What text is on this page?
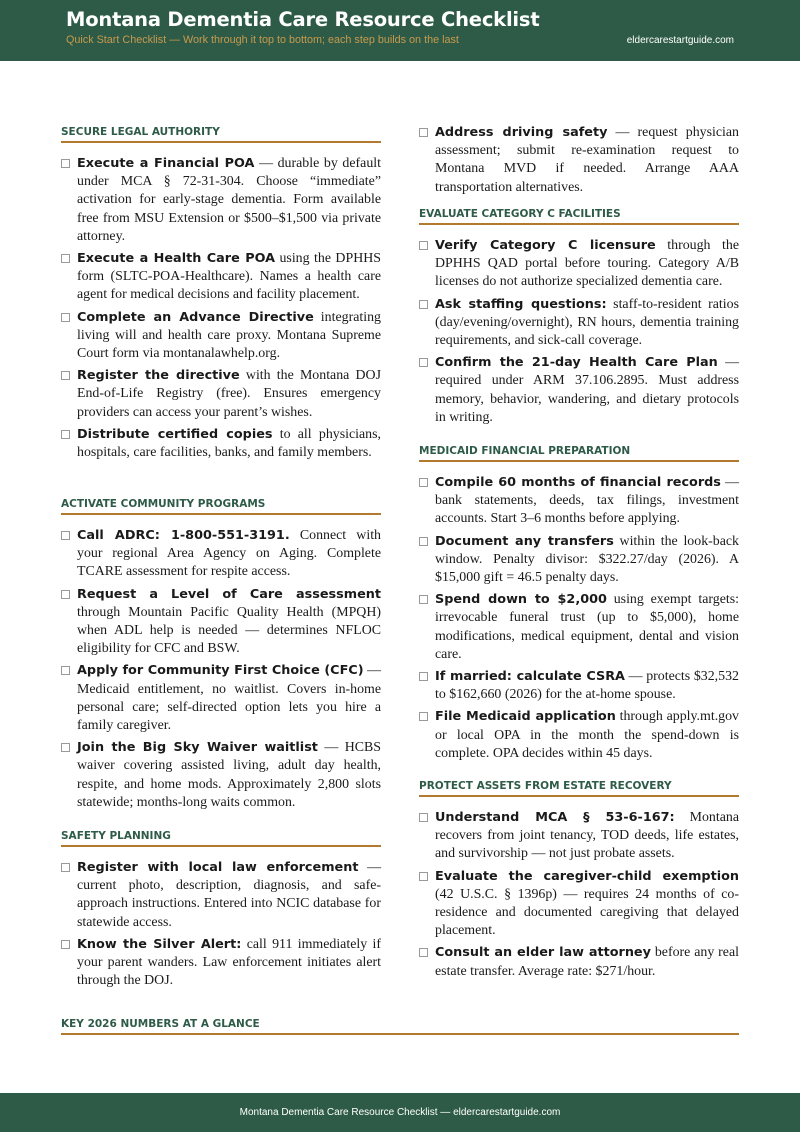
Montana Dementia Care Resource Checklist
Quick Start Checklist — Work through it top to bottom; each step builds on the last	eldercarestartguide.com
SECURE LEGAL AUTHORITY
Execute a Financial POA — durable by default under MCA § 72-31-304. Choose “immediate” activation for early-stage dementia. Form available free from MSU Extension or $500–$1,500 via private attorney.
Execute a Health Care POA using the DPHHS form (SLTC-POA-Healthcare). Names a health care agent for medical decisions and facility placement.
Complete an Advance Directive integrating living will and health care proxy. Montana Supreme Court form via montanalawhelp.org.
Register the directive with the Montana DOJ End-of-Life Registry (free). Ensures emergency providers can access your parent’s wishes.
Distribute certified copies to all physicians, hospitals, care facilities, banks, and family members.
ACTIVATE COMMUNITY PROGRAMS
Call ADRC: 1-800-551-3191. Connect with your regional Area Agency on Aging. Complete TCARE assessment for respite access.
Request a Level of Care assessment through Mountain Pacific Quality Health (MPQH) when ADL help is needed — determines NFLOC eligibility for CFC and BSW.
Apply for Community First Choice (CFC) — Medicaid entitlement, no waitlist. Covers in-home personal care; self-directed option lets you hire a family caregiver.
Join the Big Sky Waiver waitlist — HCBS waiver covering assisted living, adult day health, respite, and home mods. Approximately 2,800 slots statewide; months-long waits common.
SAFETY PLANNING
Register with local law enforcement — current photo, description, diagnosis, and safe-approach instructions. Entered into NCIC database for statewide access.
Know the Silver Alert: call 911 immediately if your parent wanders. Law enforcement initiates alert through the DOJ.
KEY 2026 NUMBERS AT A GLANCE
EVALUATE CATEGORY C FACILITIES
Verify Category C licensure through the DPHHS QAD portal before touring. Category A/B licenses do not authorize specialized dementia care.
Ask staffing questions: staff-to-resident ratios (day/evening/overnight), RN hours, dementia training requirements, and sick-call coverage.
Confirm the 21-day Health Care Plan — required under ARM 37.106.2895. Must address memory, behavior, wandering, and dietary protocols in writing.
MEDICAID FINANCIAL PREPARATION
Compile 60 months of financial records — bank statements, deeds, tax filings, investment accounts. Start 3–6 months before applying.
Document any transfers within the look-back window. Penalty divisor: $322.27/day (2026). A $15,000 gift = 46.5 penalty days.
Spend down to $2,000 using exempt targets: irrevocable funeral trust (up to $5,000), home modifications, medical equipment, dental and vision care.
If married: calculate CSRA — protects $32,532 to $162,660 (2026) for the at-home spouse.
File Medicaid application through apply.mt.gov or local OPA in the month the spend-down is complete. OPA decides within 45 days.
PROTECT ASSETS FROM ESTATE RECOVERY
Understand MCA § 53-6-167: Montana recovers from joint tenancy, TOD deeds, life estates, and survivorship — not just probate assets.
Evaluate the caregiver-child exemption (42 U.S.C. § 1396p) — requires 24 months of co-residence and documented caregiving that delayed placement.
Consult an elder law attorney before any real estate transfer. Average rate: $271/hour.
Address driving safety — request physician assessment; submit re-examination request to Montana MVD if needed. Arrange AAA transportation alternatives.
Montana Dementia Care Resource Checklist — eldercarestartguide.com
